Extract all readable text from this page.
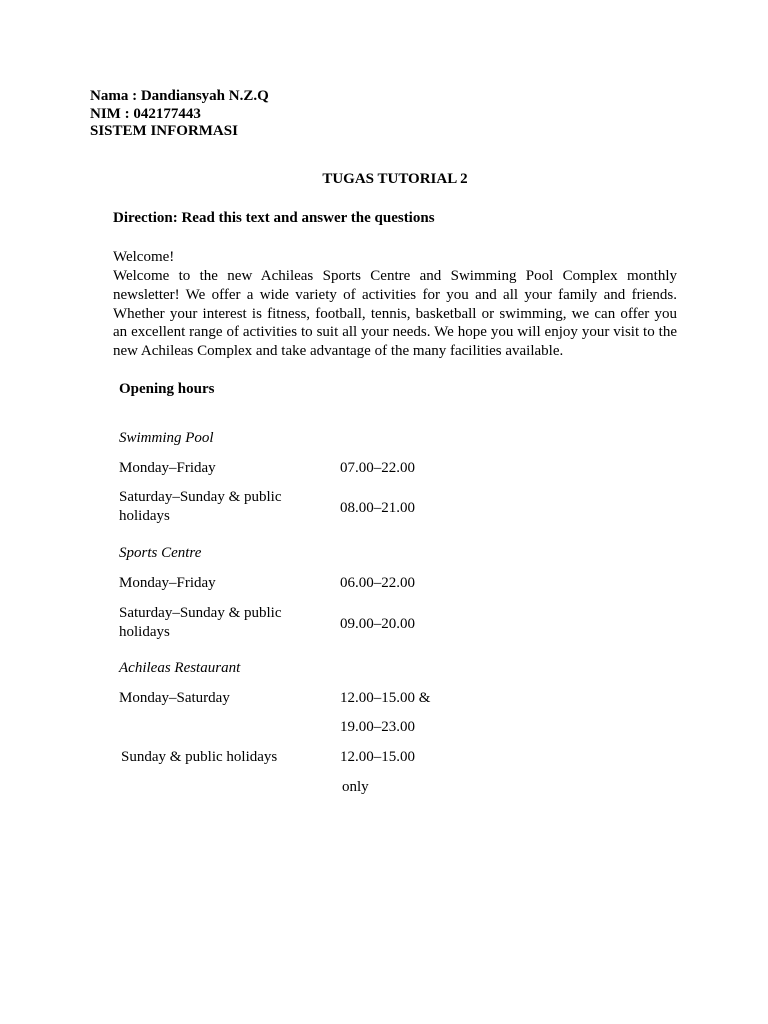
Nama : Dandiansyah N.Z.Q
NIM : 042177443
SISTEM INFORMASI
TUGAS TUTORIAL 2
Direction: Read this text and answer the questions
Welcome!
Welcome to the new Achileas Sports Centre and Swimming Pool Complex monthly
newsletter! We offer a wide variety of activities for you and all your family and friends.
Whether your interest is fitness, football, tennis, basketball or swimming, we can offer you
an excellent range of activities to suit all your needs. We hope you will enjoy your visit to the
new Achileas Complex and take advantage of the many facilities available.
Opening hours
Swimming Pool
Monday–Friday	07.00–22.00
Saturday–Sunday & public
holidays	08.00–21.00
Sports Centre
Monday–Friday	06.00–22.00
Saturday–Sunday & public
holidays	09.00–20.00
Achileas Restaurant
Monday–Saturday	12.00–15.00 &
19.00–23.00
Sunday & public holidays	12.00–15.00
only
